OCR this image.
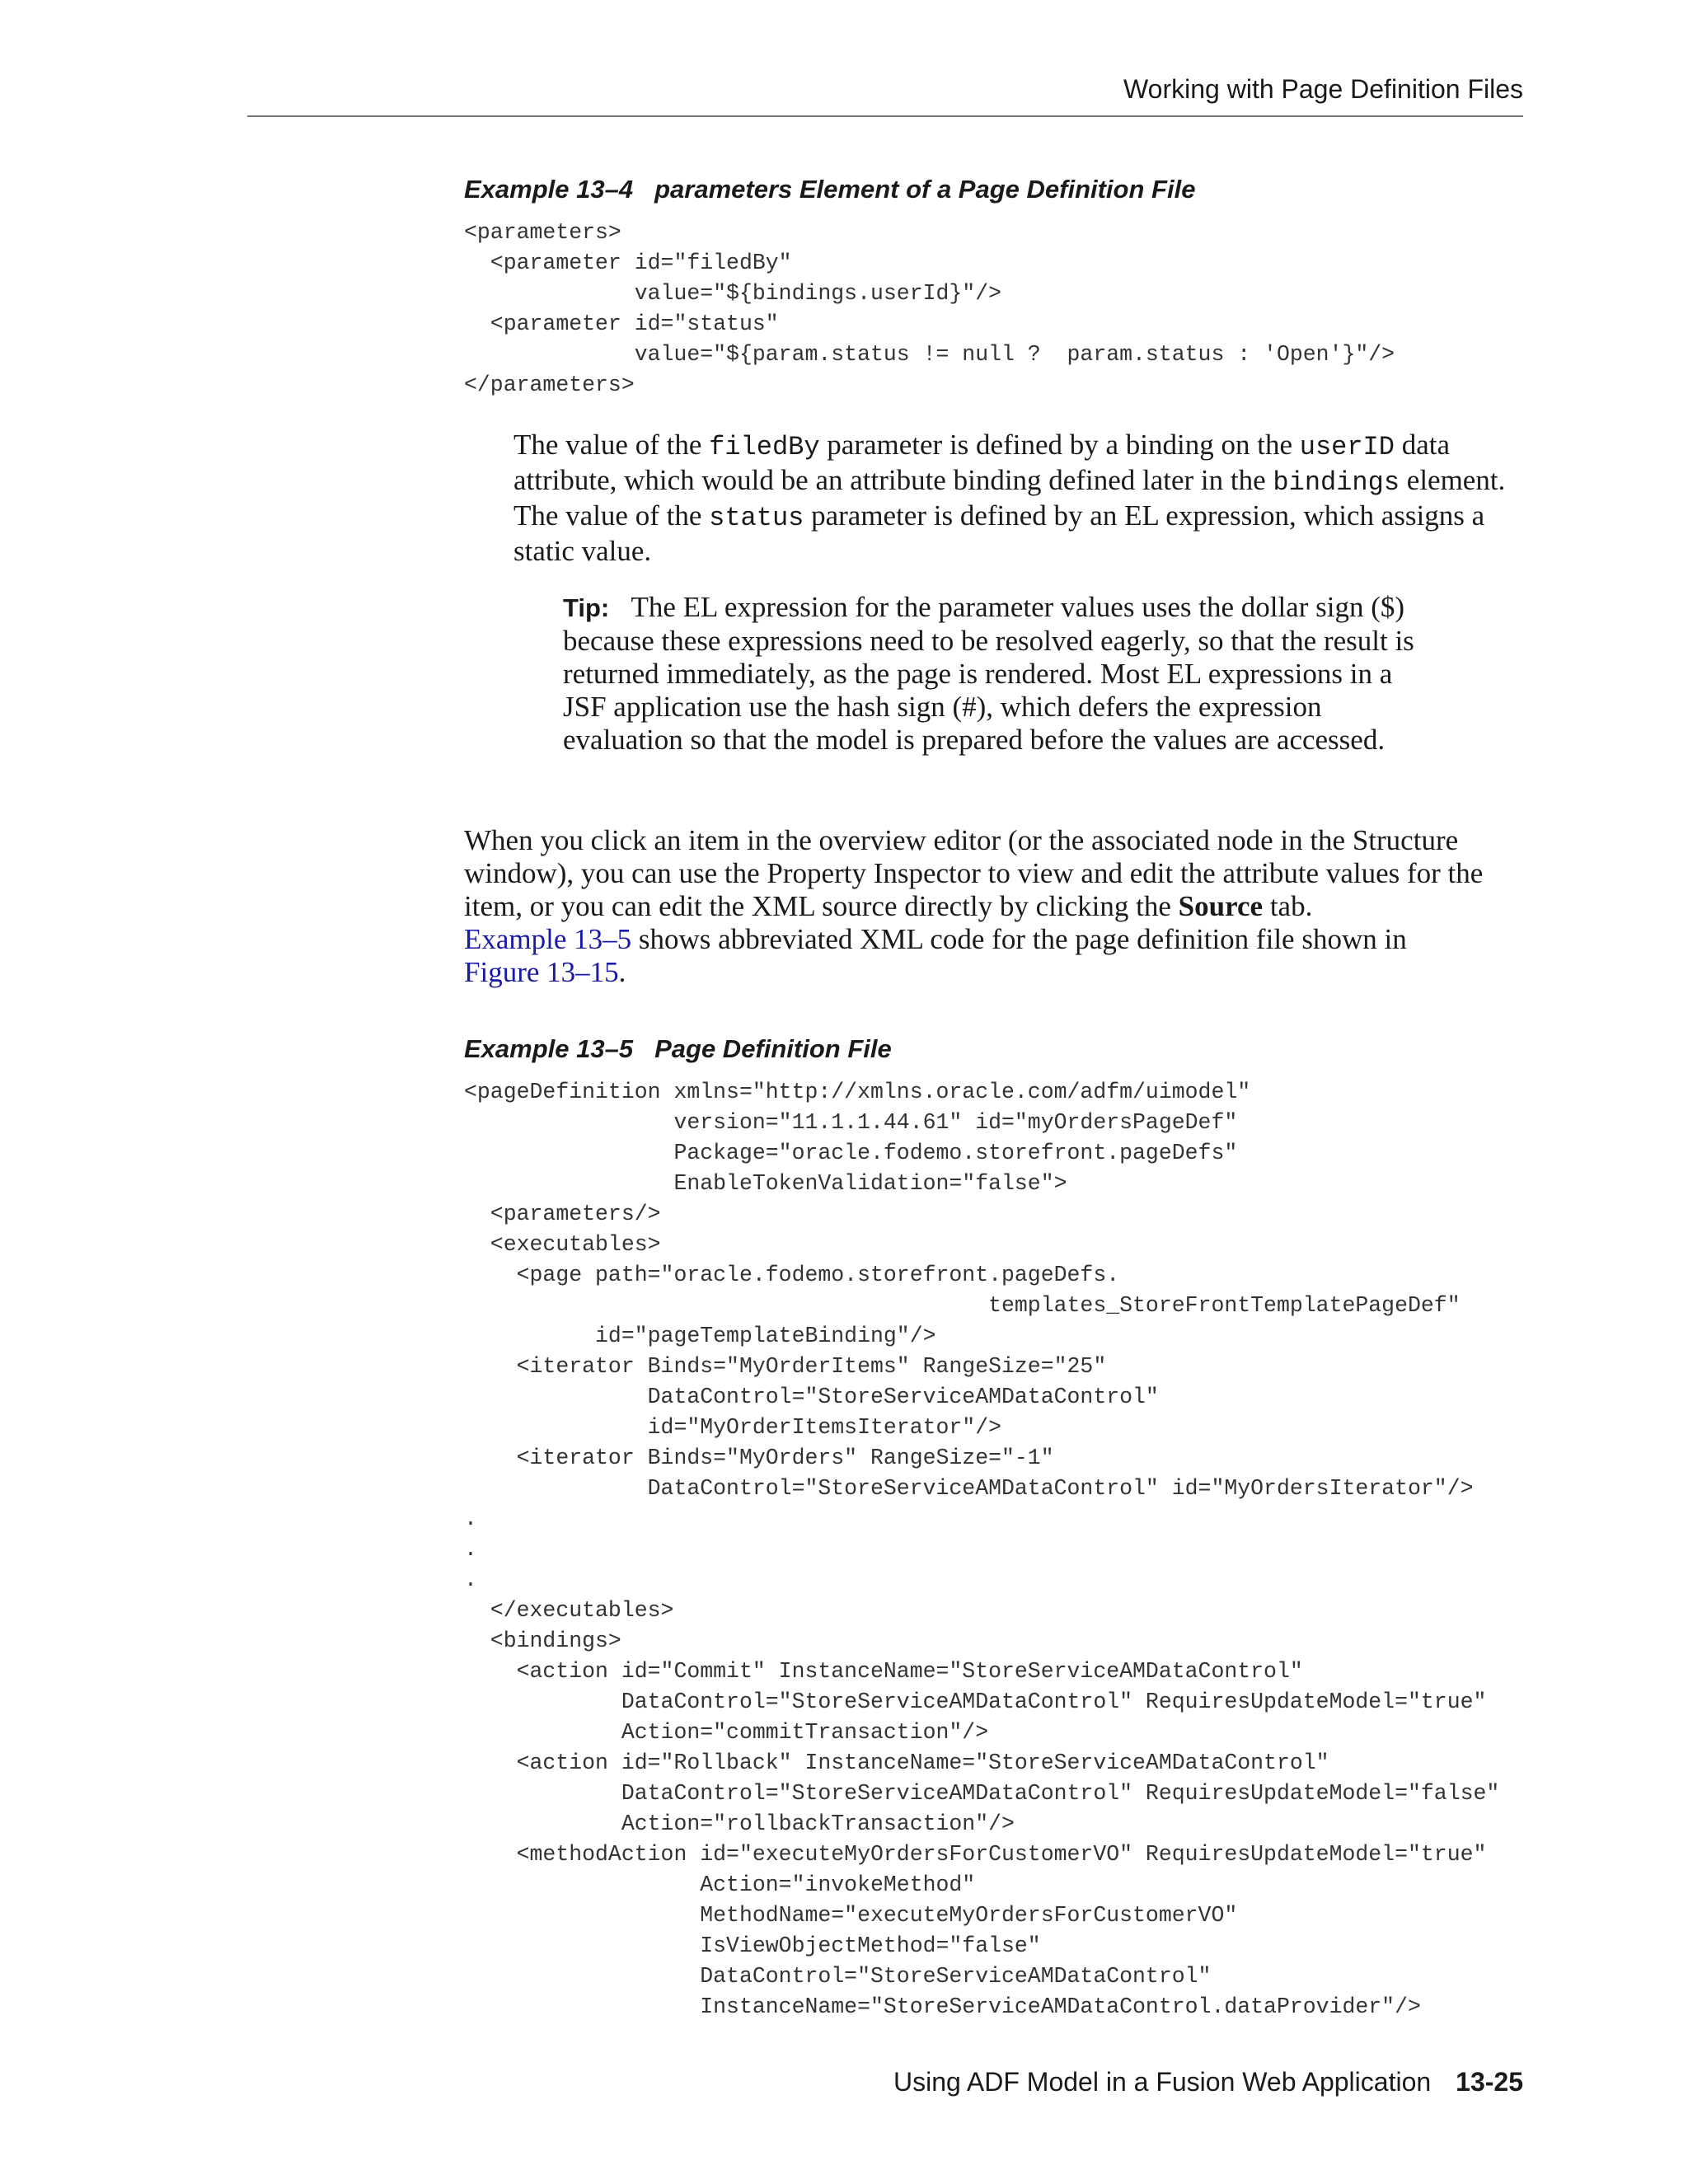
Working with Page Definition Files
Example 13–4 parameters Element of a Page Definition File
<parameters>
<parameter id="filedBy"
value="${bindings.userId}"/>
<parameter id="status"
value="${param.status != null ?  param.status : 'Open'}"/>
</parameters>
The value of the filedBy parameter is defined by a binding on the userID data attribute, which would be an attribute binding defined later in the bindings element. The value of the status parameter is defined by an EL expression, which assigns a static value.
Tip: The EL expression for the parameter values uses the dollar sign ($) because these expressions need to be resolved eagerly, so that the result is returned immediately, as the page is rendered. Most EL expressions in a JSF application use the hash sign (#), which defers the expression evaluation so that the model is prepared before the values are accessed.
When you click an item in the overview editor (or the associated node in the Structure window), you can use the Property Inspector to view and edit the attribute values for the item, or you can edit the XML source directly by clicking the Source tab.
Example 13–5 shows abbreviated XML code for the page definition file shown in
Figure 13–15.
Example 13–5 Page Definition File
<pageDefinition xmlns="http://xmlns.oracle.com/adfm/uimodel"
version="11.1.1.44.61" id="myOrdersPageDef"
Package="oracle.fodemo.storefront.pageDefs"
EnableTokenValidation="false">
<parameters/>
<executables>
<page path="oracle.fodemo.storefront.pageDefs.
templates_StoreFrontTemplatePageDef"
id="pageTemplateBinding"/>
<iterator Binds="MyOrderItems" RangeSize="25"
DataControl="StoreServiceAMDataControl"
id="MyOrderItemsIterator"/>
<iterator Binds="MyOrders" RangeSize="-1"
DataControl="StoreServiceAMDataControl" id="MyOrdersIterator"/>
.
.
.
</executables>
<bindings>
<action id="Commit" InstanceName="StoreServiceAMDataControl"
DataControl="StoreServiceAMDataControl" RequiresUpdateModel="true"
Action="commitTransaction"/>
<action id="Rollback" InstanceName="StoreServiceAMDataControl"
DataControl="StoreServiceAMDataControl" RequiresUpdateModel="false"
Action="rollbackTransaction"/>
<methodAction id="executeMyOrdersForCustomerVO" RequiresUpdateModel="true"
Action="invokeMethod"
MethodName="executeMyOrdersForCustomerVO"
IsViewObjectMethod="false"
DataControl="StoreServiceAMDataControl"
InstanceName="StoreServiceAMDataControl.dataProvider"/>
Using ADF Model in a Fusion Web Application 13-25
